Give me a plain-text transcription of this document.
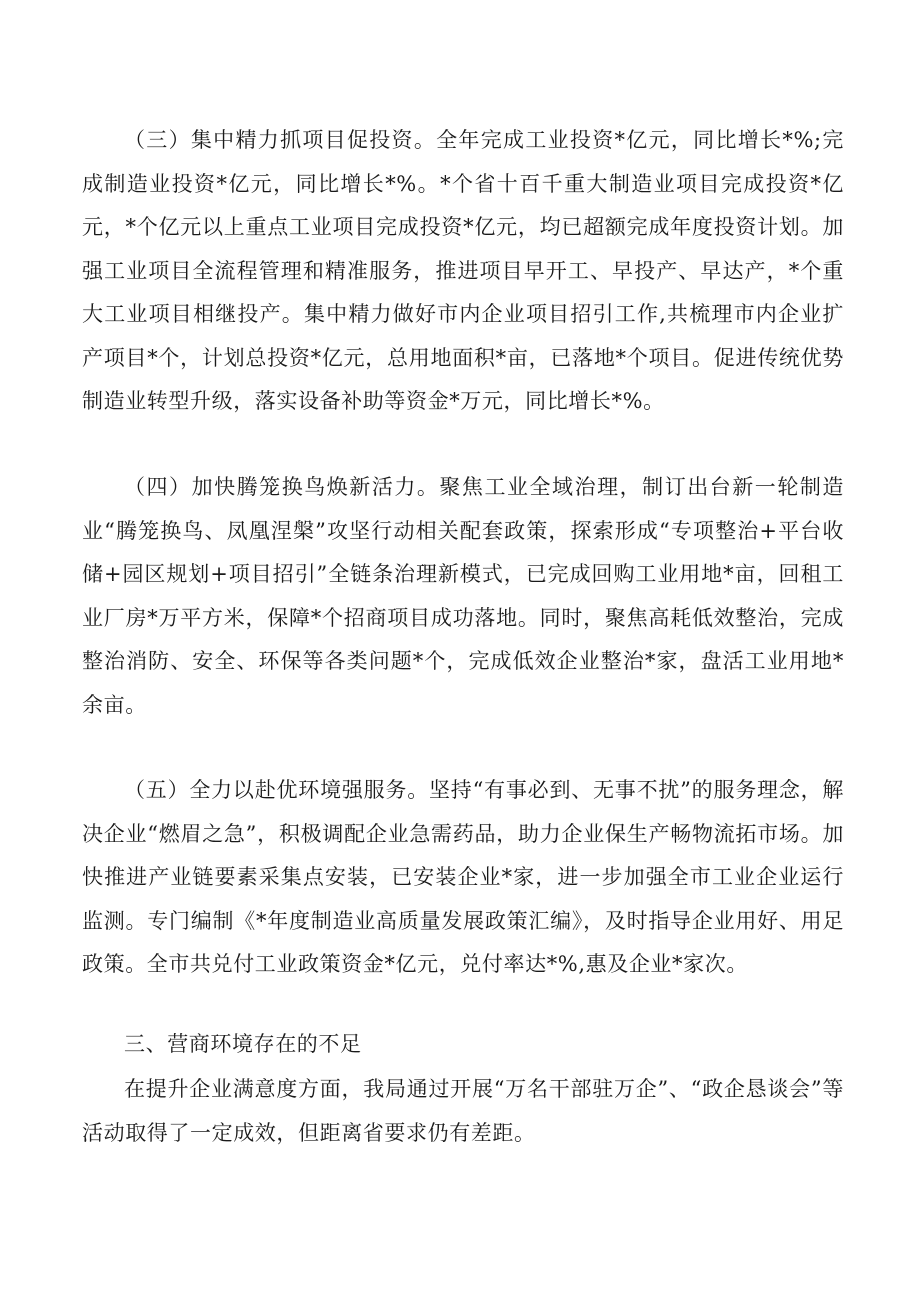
（三）集中精力抓项目促投资。全年完成工业投资*亿元，同比增长*%;完成制造业投资*亿元，同比增长*%。*个省十百千重大制造业项目完成投资*亿元，*个亿元以上重点工业项目完成投资*亿元，均已超额完成年度投资计划。加强工业项目全流程管理和精准服务，推进项目早开工、早投产、早达产，*个重大工业项目相继投产。集中精力做好市内企业项目招引工作,共梳理市内企业扩产项目*个，计划总投资*亿元，总用地面积*亩，已落地*个项目。促进传统优势制造业转型升级，落实设备补助等资金*万元，同比增长*%。

（四）加快腾笼换鸟焕新活力。聚焦工业全域治理，制订出台新一轮制造业“腾笼换鸟、凤凰涅槃”攻坚行动相关配套政策，探索形成“专项整治+平台收储+园区规划+项目招引”全链条治理新模式，已完成回购工业用地*亩，回租工业厂房*万平方米，保障*个招商项目成功落地。同时，聚焦高耗低效整治，完成整治消防、安全、环保等各类问题*个，完成低效企业整治*家，盘活工业用地*余亩。

（五）全力以赴优环境强服务。坚持“有事必到、无事不扰”的服务理念，解决企业“燃眉之急”，积极调配企业急需药品，助力企业保生产畅物流拓市场。加快推进产业链要素采集点安装，已安装企业*家，进一步加强全市工业企业运行监测。专门编制《*年度制造业高质量发展政策汇编》，及时指导企业用好、用足政策。全市共兑付工业政策资金*亿元，兑付率达*%,惠及企业*家次。

三、营商环境存在的不足

在提升企业满意度方面，我局通过开展“万名干部驻万企”、“政企恳谈会”等活动取得了一定成效，但距离省要求仍有差距。
